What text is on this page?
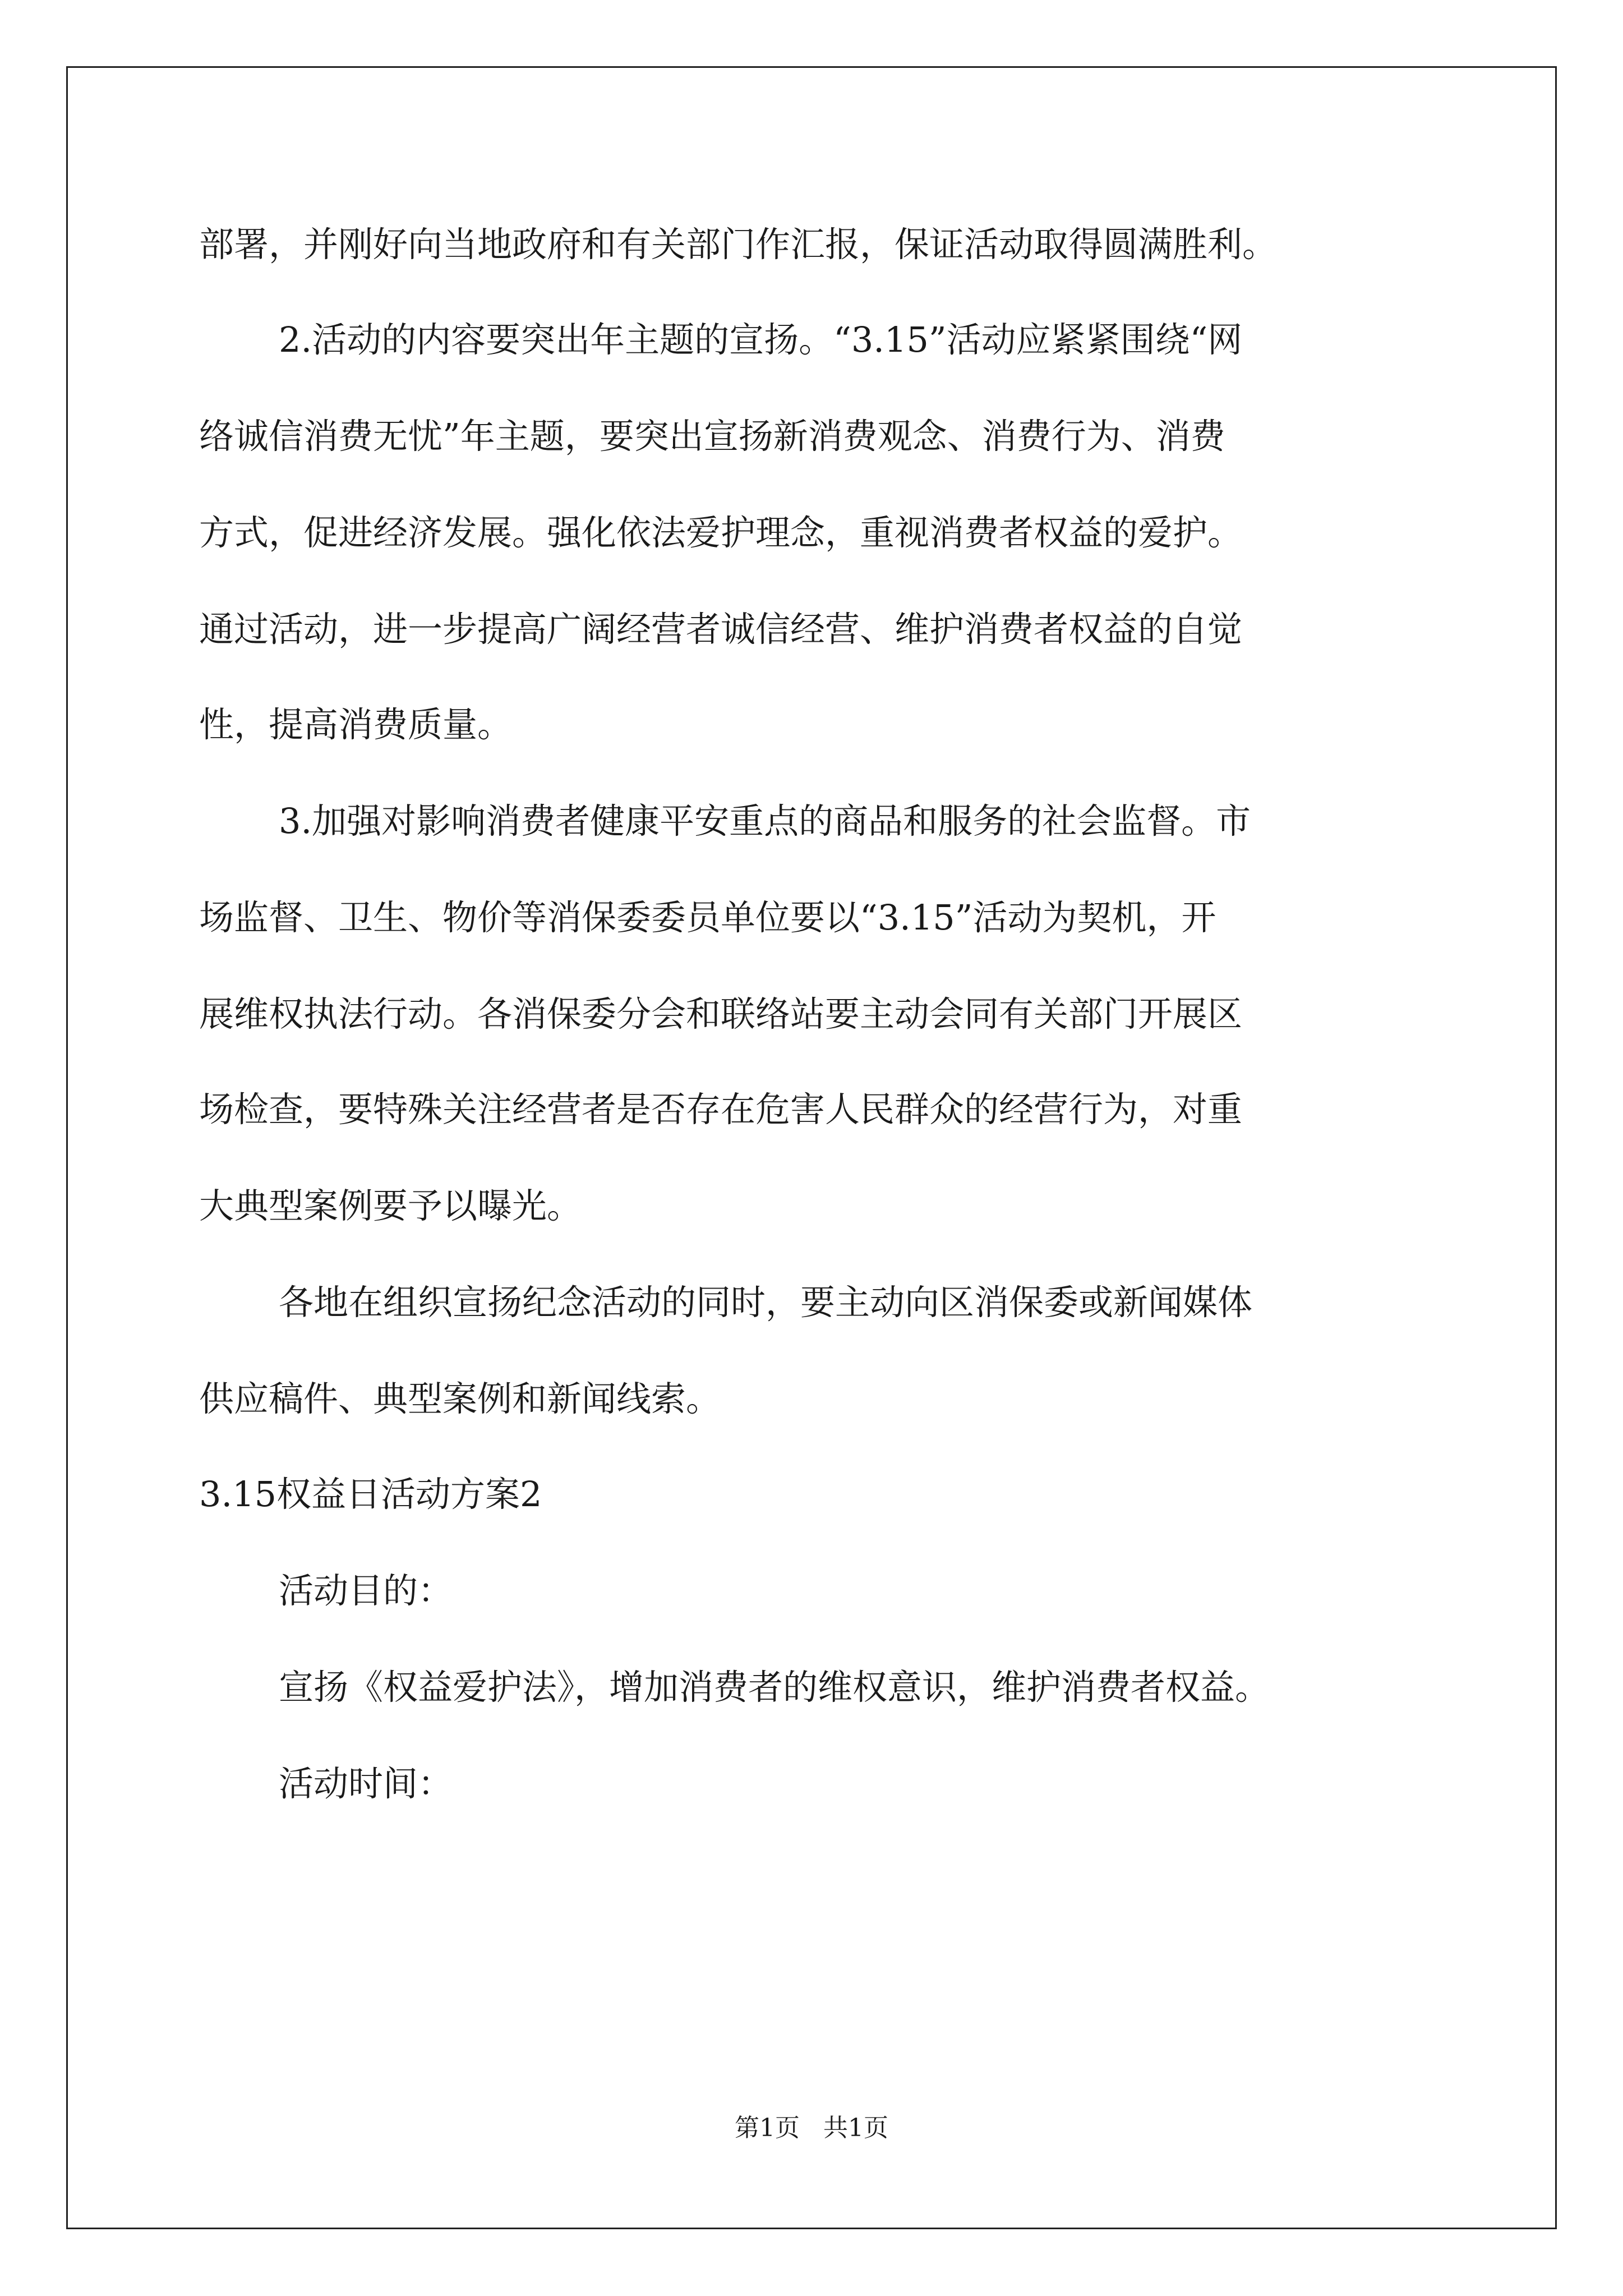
部署，并刚好向当地政府和有关部门作汇报，保证活动取得圆满胜利。
2.活动的内容要突出年主题的宣扬。“3.15”活动应紧紧围绕“网
络诚信消费无忧”年主题，要突出宣扬新消费观念、消费行为、消费
方式，促进经济发展。强化依法爱护理念，重视消费者权益的爱护。
通过活动，进一步提高广阔经营者诚信经营、维护消费者权益的自觉
性，提高消费质量。
3.加强对影响消费者健康平安重点的商品和服务的社会监督。市
场监督、卫生、物价等消保委委员单位要以“3.15”活动为契机，开
展维权执法行动。各消保委分会和联络站要主动会同有关部门开展区
场检查，要特殊关注经营者是否存在危害人民群众的经营行为，对重
大典型案例要予以曝光。
各地在组织宣扬纪念活动的同时，要主动向区消保委或新闻媒体
供应稿件、典型案例和新闻线索。
3.15权益日活动方案2
活动目的：
宣扬《权益爱护法》，增加消费者的维权意识，维护消费者权益。
活动时间：
第1页 共1页
